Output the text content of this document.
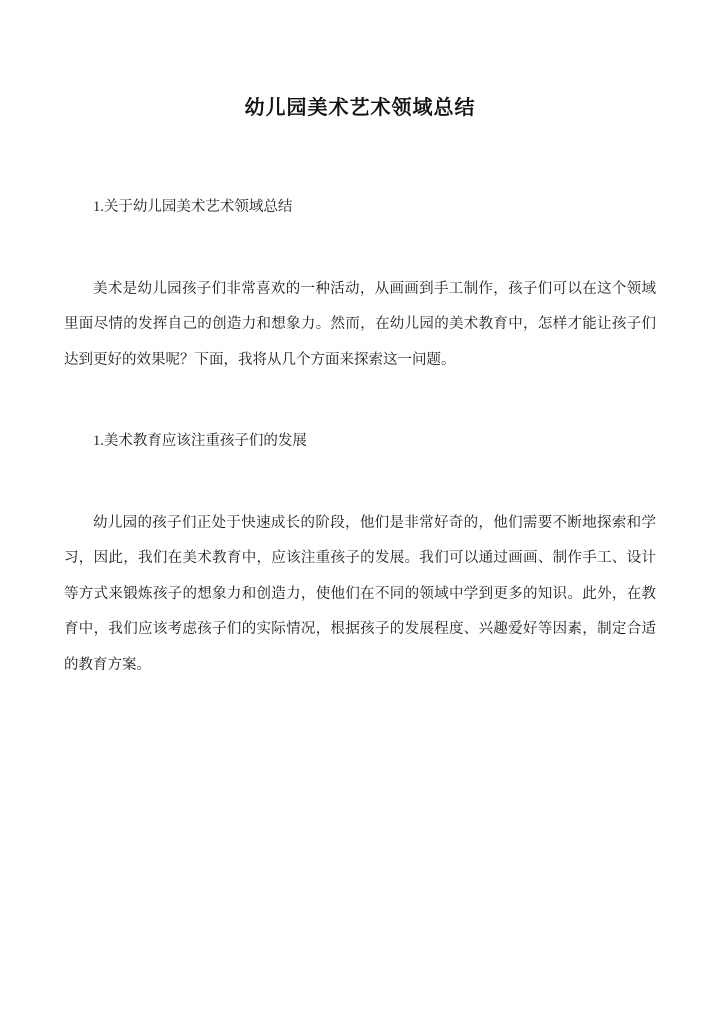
幼儿园美术艺术领域总结

1.关于幼儿园美术艺术领域总结

美术是幼儿园孩子们非常喜欢的一种活动，从画画到手工制作，孩子们可以在这个领域里面尽情的发挥自己的创造力和想象力。然而，在幼儿园的美术教育中，怎样才能让孩子们达到更好的效果呢？下面，我将从几个方面来探索这一问题。

1.美术教育应该注重孩子们的发展

幼儿园的孩子们正处于快速成长的阶段，他们是非常好奇的，他们需要不断地探索和学习，因此，我们在美术教育中，应该注重孩子的发展。我们可以通过画画、制作手工、设计等方式来锻炼孩子的想象力和创造力，使他们在不同的领域中学到更多的知识。此外，在教育中，我们应该考虑孩子们的实际情况，根据孩子的发展程度、兴趣爱好等因素，制定合适的教育方案。
